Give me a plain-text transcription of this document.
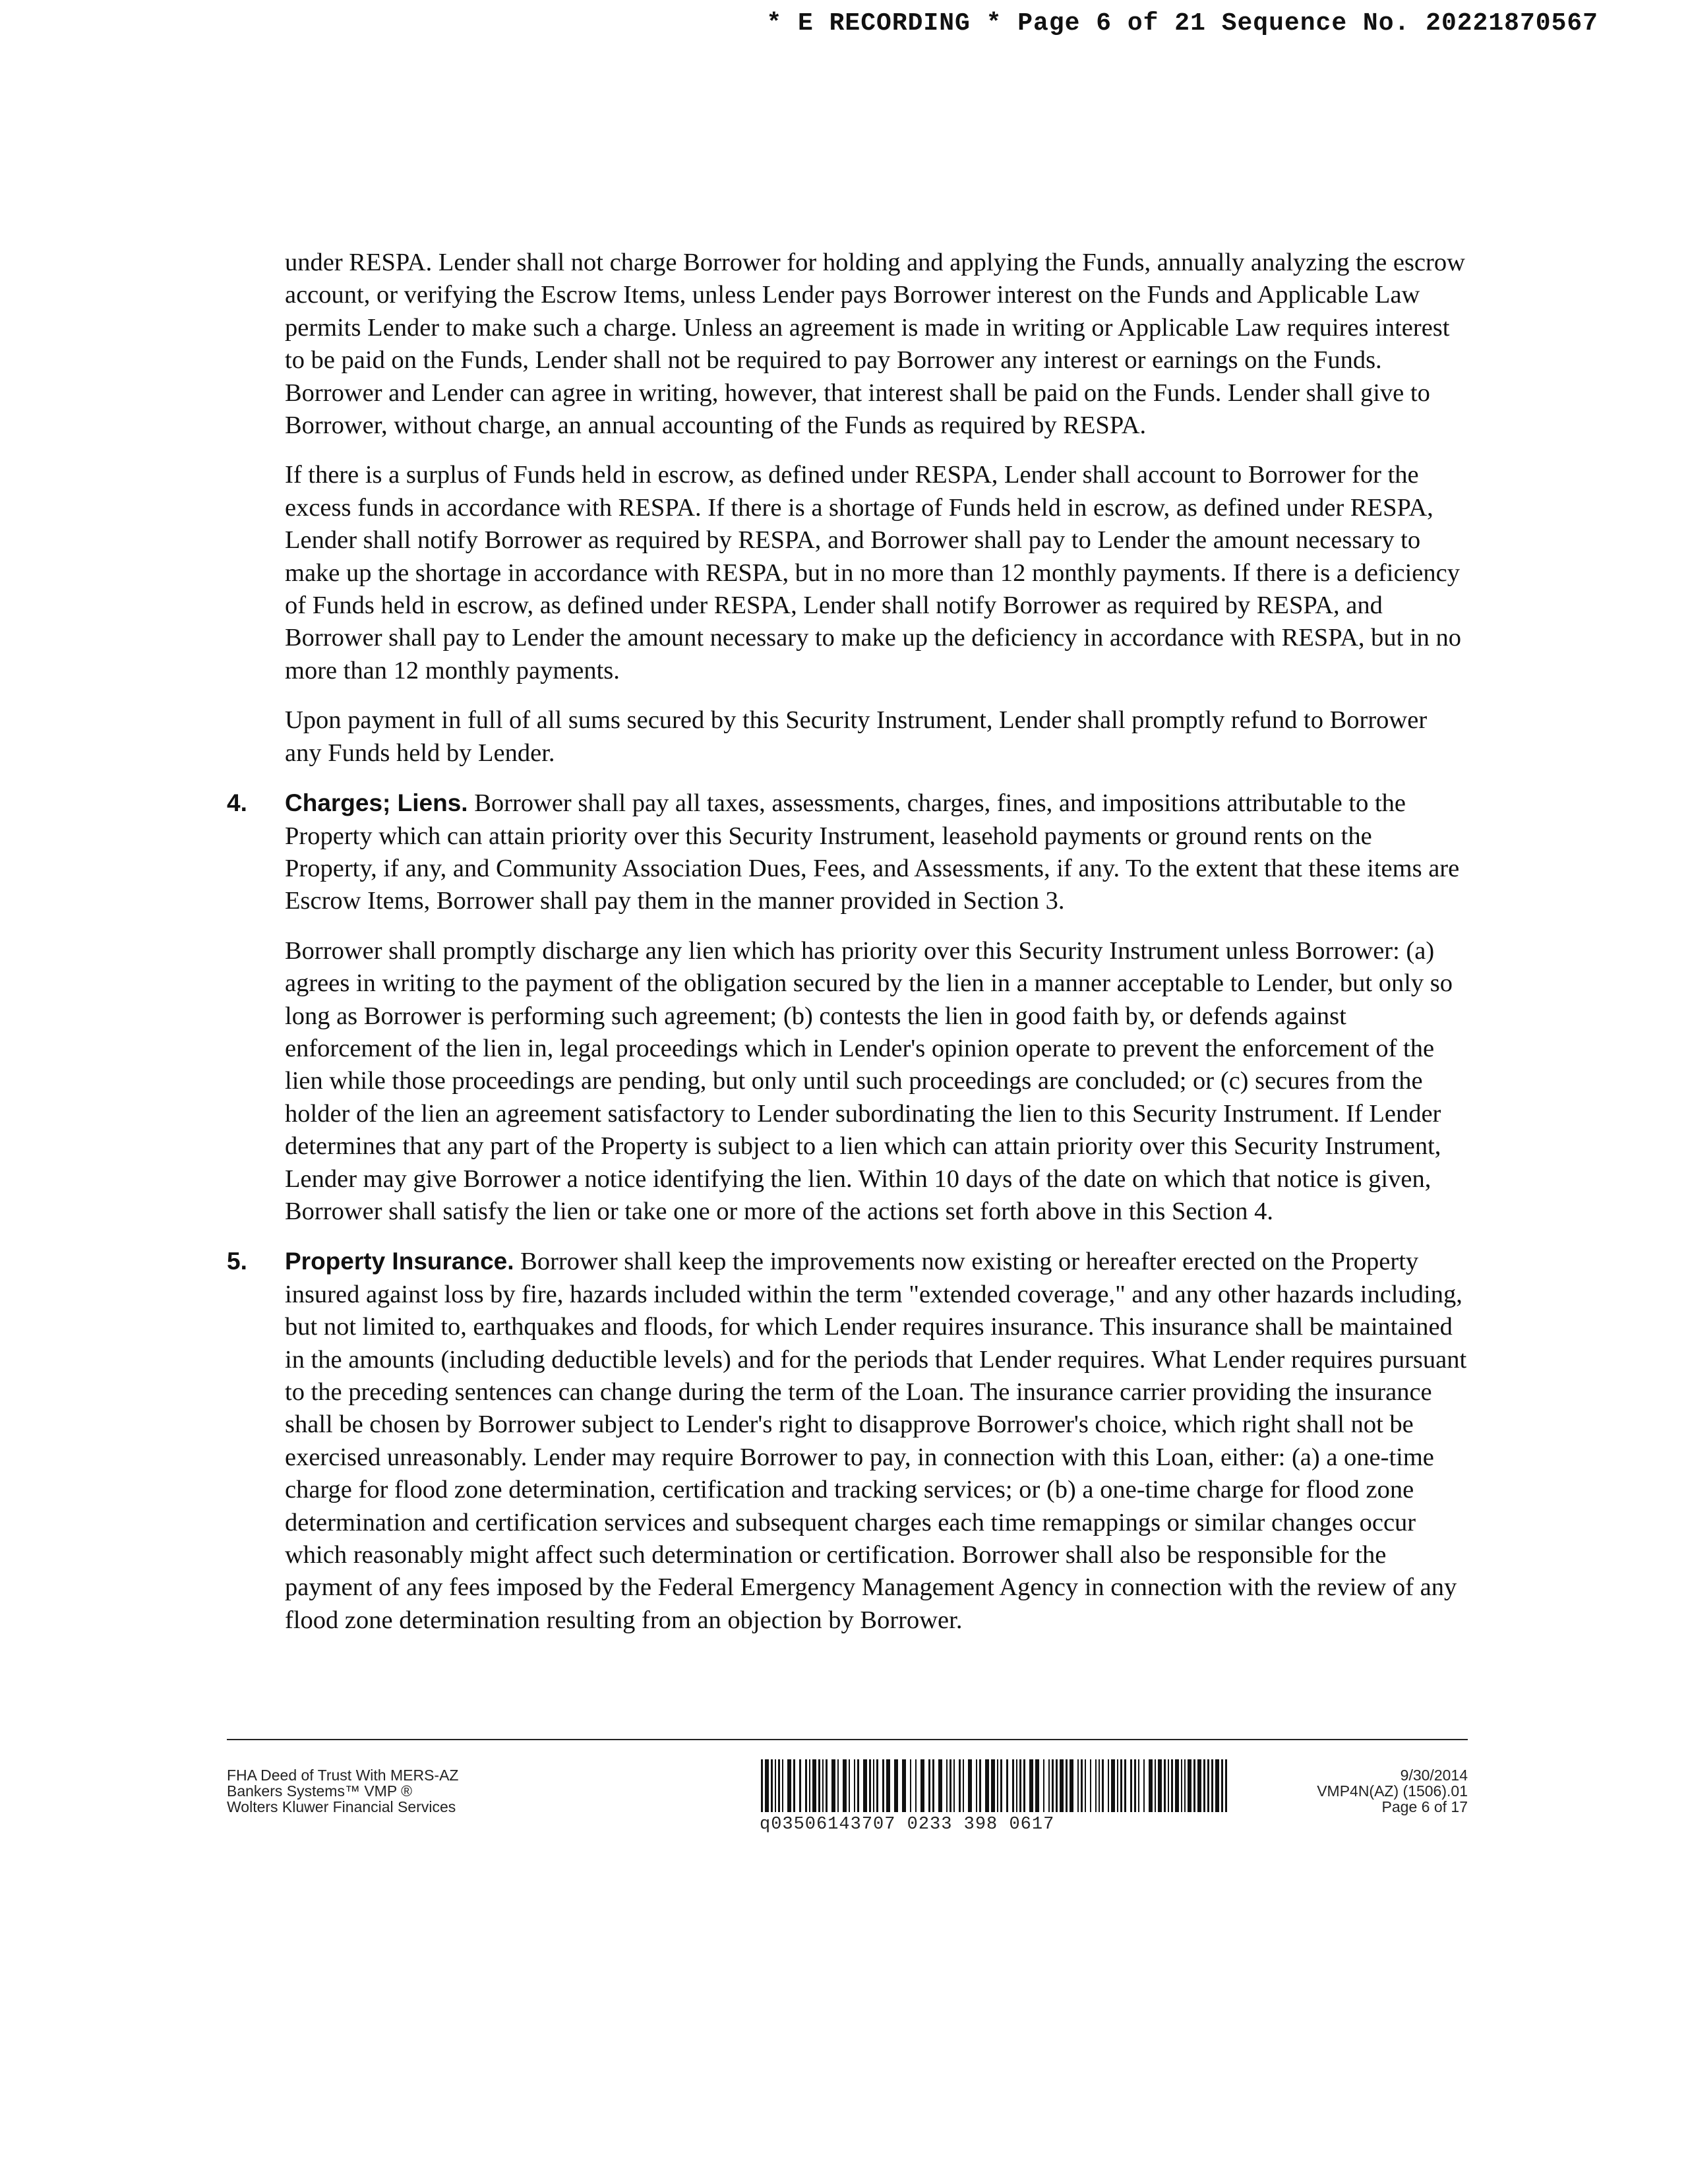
* E RECORDING * Page 6 of 21 Sequence No. 20221870567

under RESPA. Lender shall not charge Borrower for holding and applying the Funds, annually analyzing the escrow account, or verifying the Escrow Items, unless Lender pays Borrower interest on the Funds and Applicable Law permits Lender to make such a charge. Unless an agreement is made in writing or Applicable Law requires interest to be paid on the Funds, Lender shall not be required to pay Borrower any interest or earnings on the Funds. Borrower and Lender can agree in writing, however, that interest shall be paid on the Funds. Lender shall give to Borrower, without charge, an annual accounting of the Funds as required by RESPA.

If there is a surplus of Funds held in escrow, as defined under RESPA, Lender shall account to Borrower for the excess funds in accordance with RESPA. If there is a shortage of Funds held in escrow, as defined under RESPA, Lender shall notify Borrower as required by RESPA, and Borrower shall pay to Lender the amount necessary to make up the shortage in accordance with RESPA, but in no more than 12 monthly payments. If there is a deficiency of Funds held in escrow, as defined under RESPA, Lender shall notify Borrower as required by RESPA, and Borrower shall pay to Lender the amount necessary to make up the deficiency in accordance with RESPA, but in no more than 12 monthly payments.

Upon payment in full of all sums secured by this Security Instrument, Lender shall promptly refund to Borrower any Funds held by Lender.

4. Charges; Liens. Borrower shall pay all taxes, assessments, charges, fines, and impositions attributable to the Property which can attain priority over this Security Instrument, leasehold payments or ground rents on the Property, if any, and Community Association Dues, Fees, and Assessments, if any. To the extent that these items are Escrow Items, Borrower shall pay them in the manner provided in Section 3.

Borrower shall promptly discharge any lien which has priority over this Security Instrument unless Borrower: (a) agrees in writing to the payment of the obligation secured by the lien in a manner acceptable to Lender, but only so long as Borrower is performing such agreement; (b) contests the lien in good faith by, or defends against enforcement of the lien in, legal proceedings which in Lender's opinion operate to prevent the enforcement of the lien while those proceedings are pending, but only until such proceedings are concluded; or (c) secures from the holder of the lien an agreement satisfactory to Lender subordinating the lien to this Security Instrument. If Lender determines that any part of the Property is subject to a lien which can attain priority over this Security Instrument, Lender may give Borrower a notice identifying the lien. Within 10 days of the date on which that notice is given, Borrower shall satisfy the lien or take one or more of the actions set forth above in this Section 4.

5. Property Insurance. Borrower shall keep the improvements now existing or hereafter erected on the Property insured against loss by fire, hazards included within the term "extended coverage," and any other hazards including, but not limited to, earthquakes and floods, for which Lender requires insurance. This insurance shall be maintained in the amounts (including deductible levels) and for the periods that Lender requires. What Lender requires pursuant to the preceding sentences can change during the term of the Loan. The insurance carrier providing the insurance shall be chosen by Borrower subject to Lender's right to disapprove Borrower's choice, which right shall not be exercised unreasonably. Lender may require Borrower to pay, in connection with this Loan, either: (a) a one-time charge for flood zone determination, certification and tracking services; or (b) a one-time charge for flood zone determination and certification services and subsequent charges each time remappings or similar changes occur which reasonably might affect such determination or certification. Borrower shall also be responsible for the payment of any fees imposed by the Federal Emergency Management Agency in connection with the review of any flood zone determination resulting from an objection by Borrower.
FHA Deed of Trust With MERS-AZ
Bankers Systems™ VMP ®
Wolters Kluwer Financial Services
q03506143707 0233 398 0617
9/30/2014
VMP4N(AZ) (1506).01
Page 6 of 17
